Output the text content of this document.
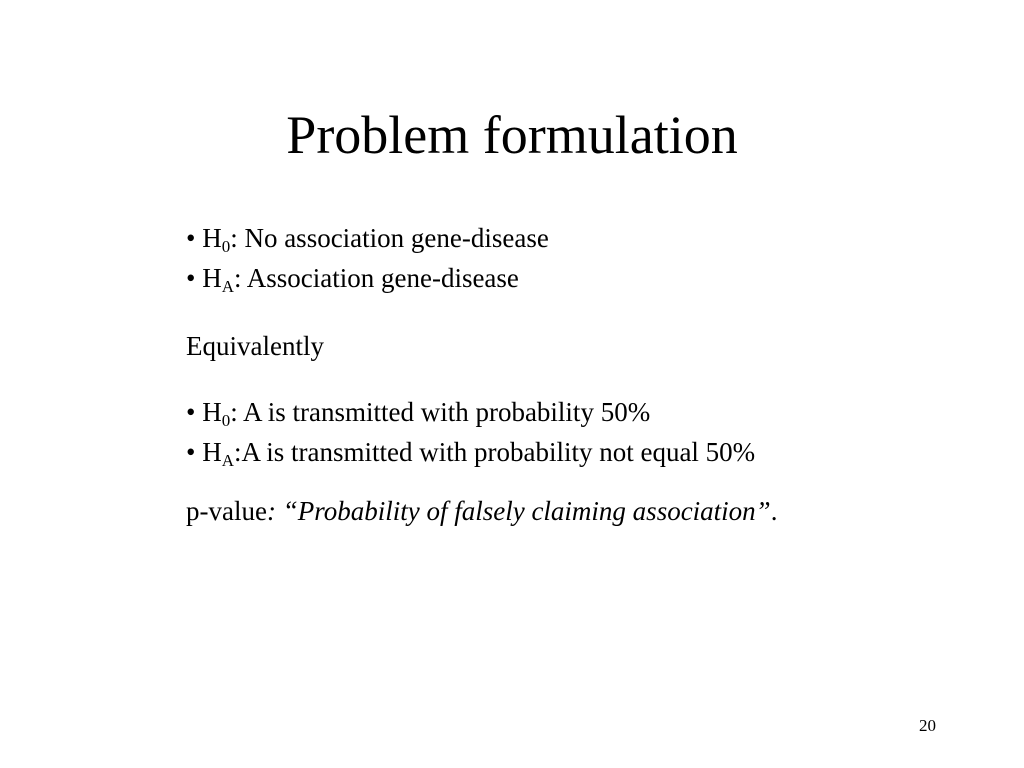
Problem formulation
• $H_0$: No association gene-disease
• $H_A$: Association gene-disease
Equivalently
• $H_0$: A is transmitted with probability 50%
• $H_A:A$ is transmitted with probability not equal 50%
p-value: “Probability of falsely claiming association”.
20
